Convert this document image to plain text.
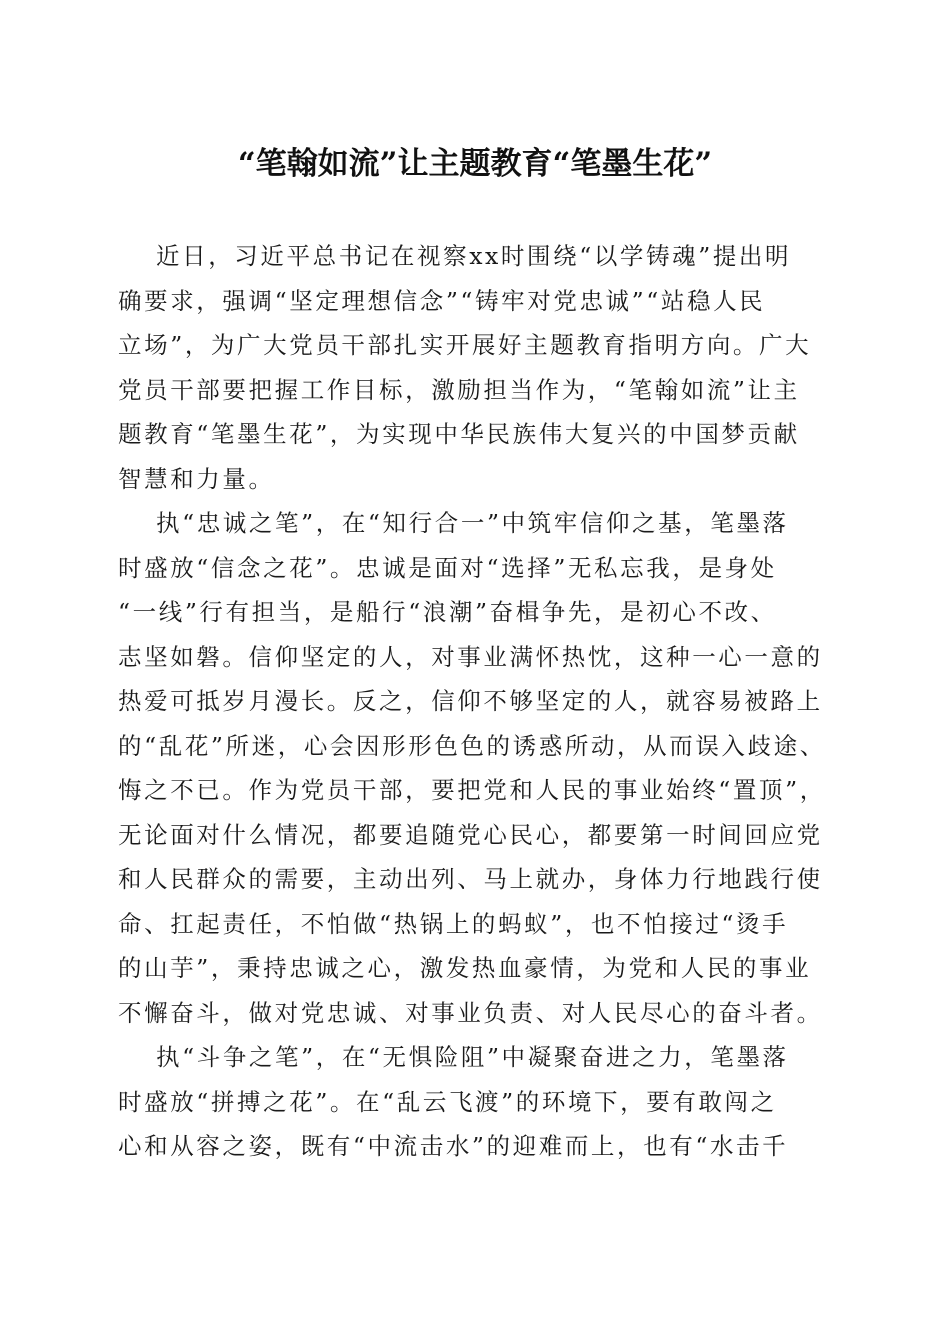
“笔翰如流”让主题教育“笔墨生花”
近日，习近平总书记在视察xx时围绕“以学铸魂”提出明
确要求，强调“坚定理想信念”“铸牢对党忠诚”“站稳人民
立场”，为广大党员干部扎实开展好主题教育指明方向。广大
党员干部要把握工作目标，激励担当作为，“笔翰如流”让主
题教育“笔墨生花”，为实现中华民族伟大复兴的中国梦贡献
智慧和力量。
执“忠诚之笔”，在“知行合一”中筑牢信仰之基，笔墨落
时盛放“信念之花”。忠诚是面对“选择”无私忘我，是身处
“一线”行有担当，是船行“浪潮”奋楫争先，是初心不改、
志坚如磐。信仰坚定的人，对事业满怀热忱，这种一心一意的
热爱可抵岁月漫长。反之，信仰不够坚定的人，就容易被路上
的“乱花”所迷，心会因形形色色的诱惑所动，从而误入歧途、
悔之不已。作为党员干部，要把党和人民的事业始终“置顶”，
无论面对什么情况，都要追随党心民心，都要第一时间回应党
和人民群众的需要，主动出列、马上就办，身体力行地践行使
命、扛起责任，不怕做“热锅上的蚂蚁”，也不怕接过“烫手
的山芋”，秉持忠诚之心，激发热血豪情，为党和人民的事业
不懈奋斗，做对党忠诚、对事业负责、对人民尽心的奋斗者。
执“斗争之笔”，在“无惧险阻”中凝聚奋进之力，笔墨落
时盛放“拼搏之花”。在“乱云飞渡”的环境下，要有敢闯之
心和从容之姿，既有“中流击水”的迎难而上，也有“水击千
